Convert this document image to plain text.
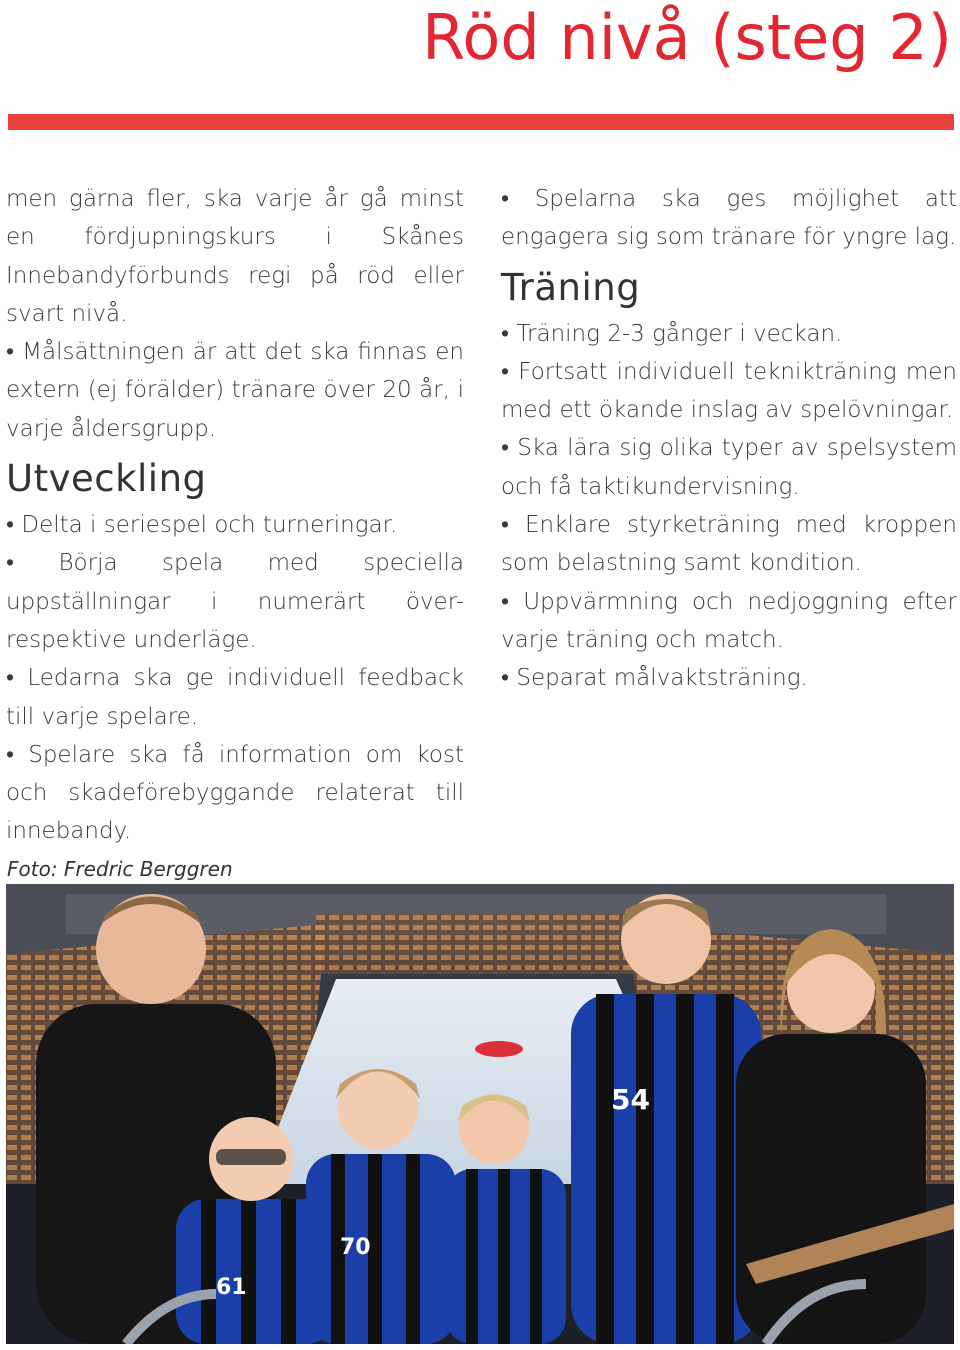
Röd nivå (steg 2)

men gärna fler, ska varje år gå minst en fördjupningskurs i Skånes Innebandyförbunds regi på röd eller svart nivå.

• Målsättningen är att det ska finnas en extern (ej förälder) tränare över 20 år, i varje åldersgrupp.

Utveckling

• Delta i seriespel och turneringar.

• Börja spela med speciella uppställningar i numerärt över- respektive underläge.

• Ledarna ska ge individuell feedback till varje spelare.

• Spelare ska få information om kost och skadeförebyggande relaterat till innebandy.

• Spelarna ska ges möjlighet att engagera sig som tränare för yngre lag.

Träning

• Träning 2-3 gånger i veckan.

• Fortsatt individuell teknikträning men med ett ökande inslag av spelövningar.

• Ska lära sig olika typer av spelsystem och få taktikundervisning.

• Enklare styrketräning med kroppen som belastning samt kondition.

• Uppvärmning och nedjoggning efter varje träning och match.

• Separat målvaktsträning.

Foto: Fredric Berggren

54
61
70
